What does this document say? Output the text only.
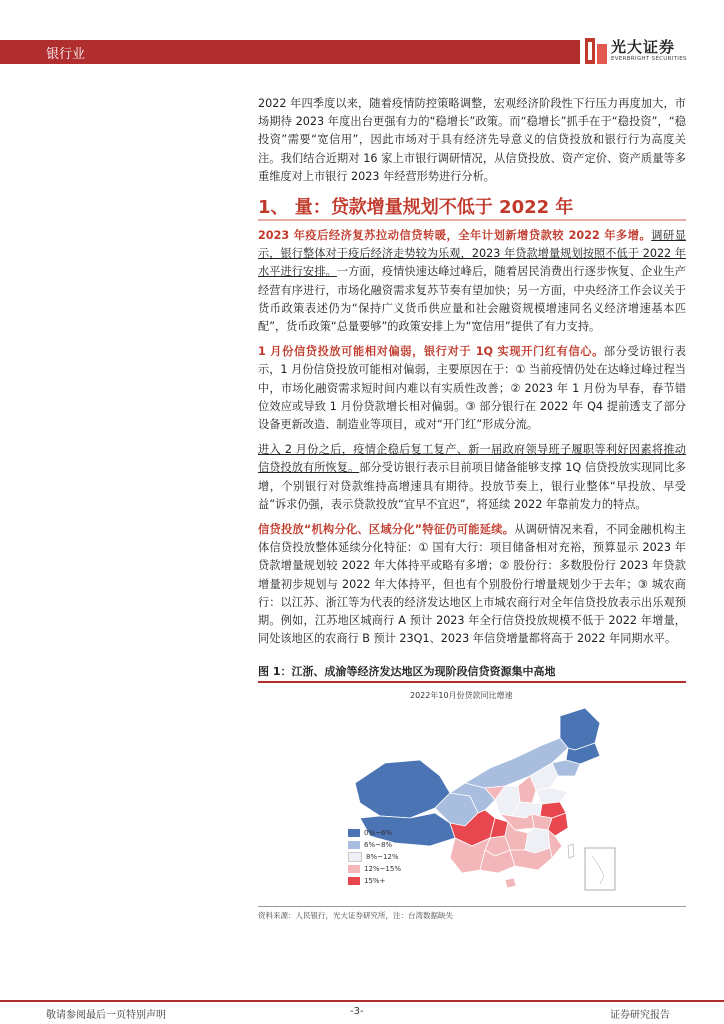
银行业	光大证券
EVERBRIGHT SECURITIES

2022 年四季度以来，随着疫情防控策略调整，宏观经济阶段性下行压力再度加大，市场期待 2023 年度出台更强有力的“稳增长”政策。而“稳增长”抓手在于“稳投资”，“稳投资”需要“宽信用”，因此市场对于具有经济先导意义的信贷投放和银行行为高度关注。我们结合近期对 16 家上市银行调研情况，从信贷投放、资产定价、资产质量等多重维度对上市银行 2023 年经营形势进行分析。

1、 量：贷款增量规划不低于 2022 年

2023 年疫后经济复苏拉动信贷转暖，全年计划新增贷款较 2022 年多增。调研显示，银行整体对于疫后经济走势较为乐观，2023 年贷款增量规划按照不低于 2022 年水平进行安排。一方面，疫情快速达峰过峰后，随着居民消费出行逐步恢复、企业生产经营有序进行，市场化融资需求复苏节奏有望加快；另一方面，中央经济工作会议关于货币政策表述仍为“保持广义货币供应量和社会融资规模增速同名义经济增速基本匹配”，货币政策“总量要够”的政策安排上为“宽信用”提供了有力支持。

1 月份信贷投放可能相对偏弱，银行对于 1Q 实现开门红有信心。部分受访银行表示，1 月份信贷投放可能相对偏弱，主要原因在于：① 当前疫情仍处在达峰过峰过程当中，市场化融资需求短时间内难以有实质性改善；② 2023 年 1 月份为早春，春节错位效应或导致 1 月份贷款增长相对偏弱。③ 部分银行在 2022 年 Q4 提前透支了部分设备更新改造、制造业等项目，或对“开门红”形成分流。

进入 2 月份之后，疫情企稳后复工复产、新一届政府领导班子履职等利好因素将推动信贷投放有所恢复。部分受访银行表示目前项目储备能够支撑 1Q 信贷投放实现同比多增，个别银行对贷款维持高增速具有期待。投放节奏上，银行业整体“早投放、早受益”诉求仍强，表示贷款投放“宜早不宜迟”，将延续 2022 年靠前发力的特点。

信贷投放“机构分化、区域分化”特征仍可能延续。从调研情况来看，不同金融机构主体信贷投放整体延续分化特征：① 国有大行：项目储备相对充裕，预算显示 2023 年贷款增量规划较 2022 年大体持平或略有多增；② 股份行：多数股份行 2023 年贷款增量初步规划与 2022 年大体持平，但也有个别股份行增量规划少于去年；③ 城农商行：以江苏、浙江等为代表的经济发达地区上市城农商行对全年信贷投放表示出乐观预期。例如，江苏地区城商行 A 预计 2023 年全行信贷投放规模不低于 2022 年增量，同处该地区的农商行 B 预计 23Q1、2023 年信贷增量都将高于 2022 年同期水平。

图 1：江浙、成渝等经济发达地区为现阶段信贷资源集中高地
2022年10月份贷款同比增速
0%~6%
6%~8%
8%~12%
12%~15%
15%+
资料来源：人民银行，光大证券研究所，注：台湾数据缺失
敬请参阅最后一页特别声明	-3-	证券研究报告
